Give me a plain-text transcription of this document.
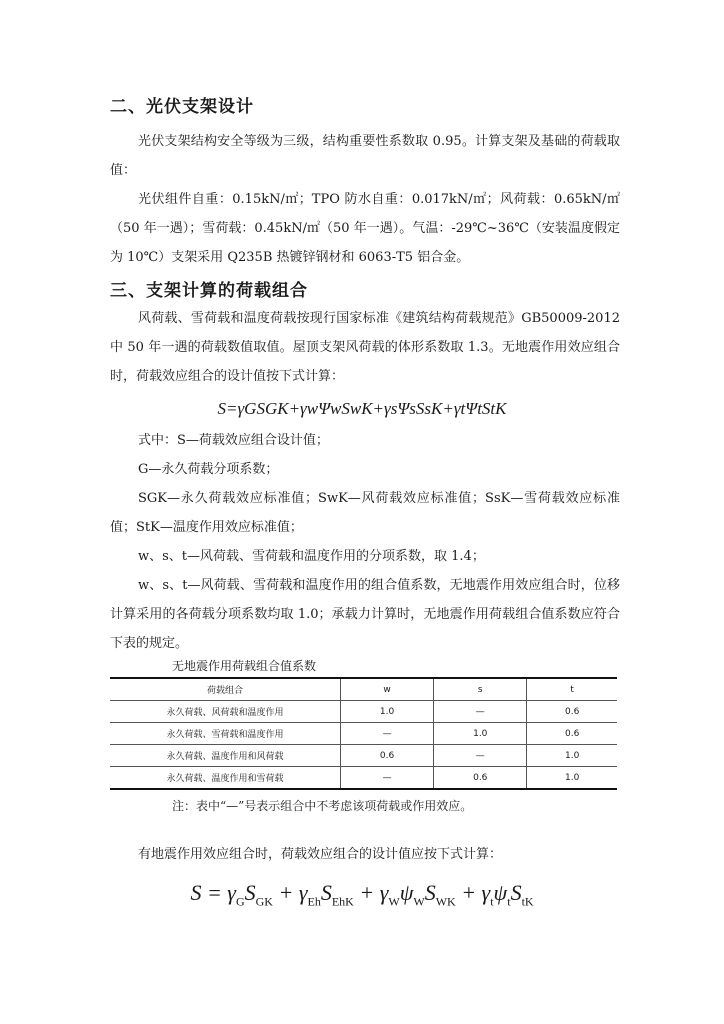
二、光伏支架设计

光伏支架结构安全等级为三级，结构重要性系数取 0.95。计算支架及基础的荷载取值：

光伏组件自重：0.15kN/㎡；TPO 防水自重：0.017kN/㎡；风荷载：0.65kN/㎡（50 年一遇）；雪荷载：0.45kN/㎡（50 年一遇）。气温：-29℃~36℃（安装温度假定为 10℃）支架采用 Q235B 热镀锌钢材和 6063-T5 铝合金。

三、支架计算的荷载组合

风荷载、雪荷载和温度荷载按现行国家标准《建筑结构荷载规范》GB50009-2012 中 50 年一遇的荷载数值取值。屋顶支架风荷载的体形系数取 1.3。无地震作用效应组合时，荷载效应组合的设计值按下式计算：

S=γGSGK+γwΨwSwK+γsΨsSsK+γtΨtStK

式中：S—荷载效应组合设计值；

G—永久荷载分项系数；

SGK—永久荷载效应标准值；SwK—风荷载效应标准值；SsK—雪荷载效应标准值；StK—温度作用效应标准值；

w、s、t—风荷载、雪荷载和温度作用的分项系数，取 1.4；

w、s、t—风荷载、雪荷载和温度作用的组合值系数，无地震作用效应组合时，位移计算采用的各荷载分项系数均取 1.0；承载力计算时，无地震作用荷载组合值系数应符合下表的规定。

无地震作用荷载组合值系数

荷载组合	w	s	t
永久荷载、风荷载和温度作用	1.0	—	0.6
永久荷载、雪荷载和温度作用	—	1.0	0.6
永久荷载、温度作用和风荷载	0.6	—	1.0
永久荷载、温度作用和雪荷载	—	0.6	1.0

注：表中“—”号表示组合中不考虑该项荷载或作用效应。

有地震作用效应组合时，荷载效应组合的设计值应按下式计算：

$S = \gamma_GS_{GK} + \gamma_{Eh}S_{EhK} + \gamma_W\psi_WS_{WK} + \gamma_t\psi_tS_{tK}$
